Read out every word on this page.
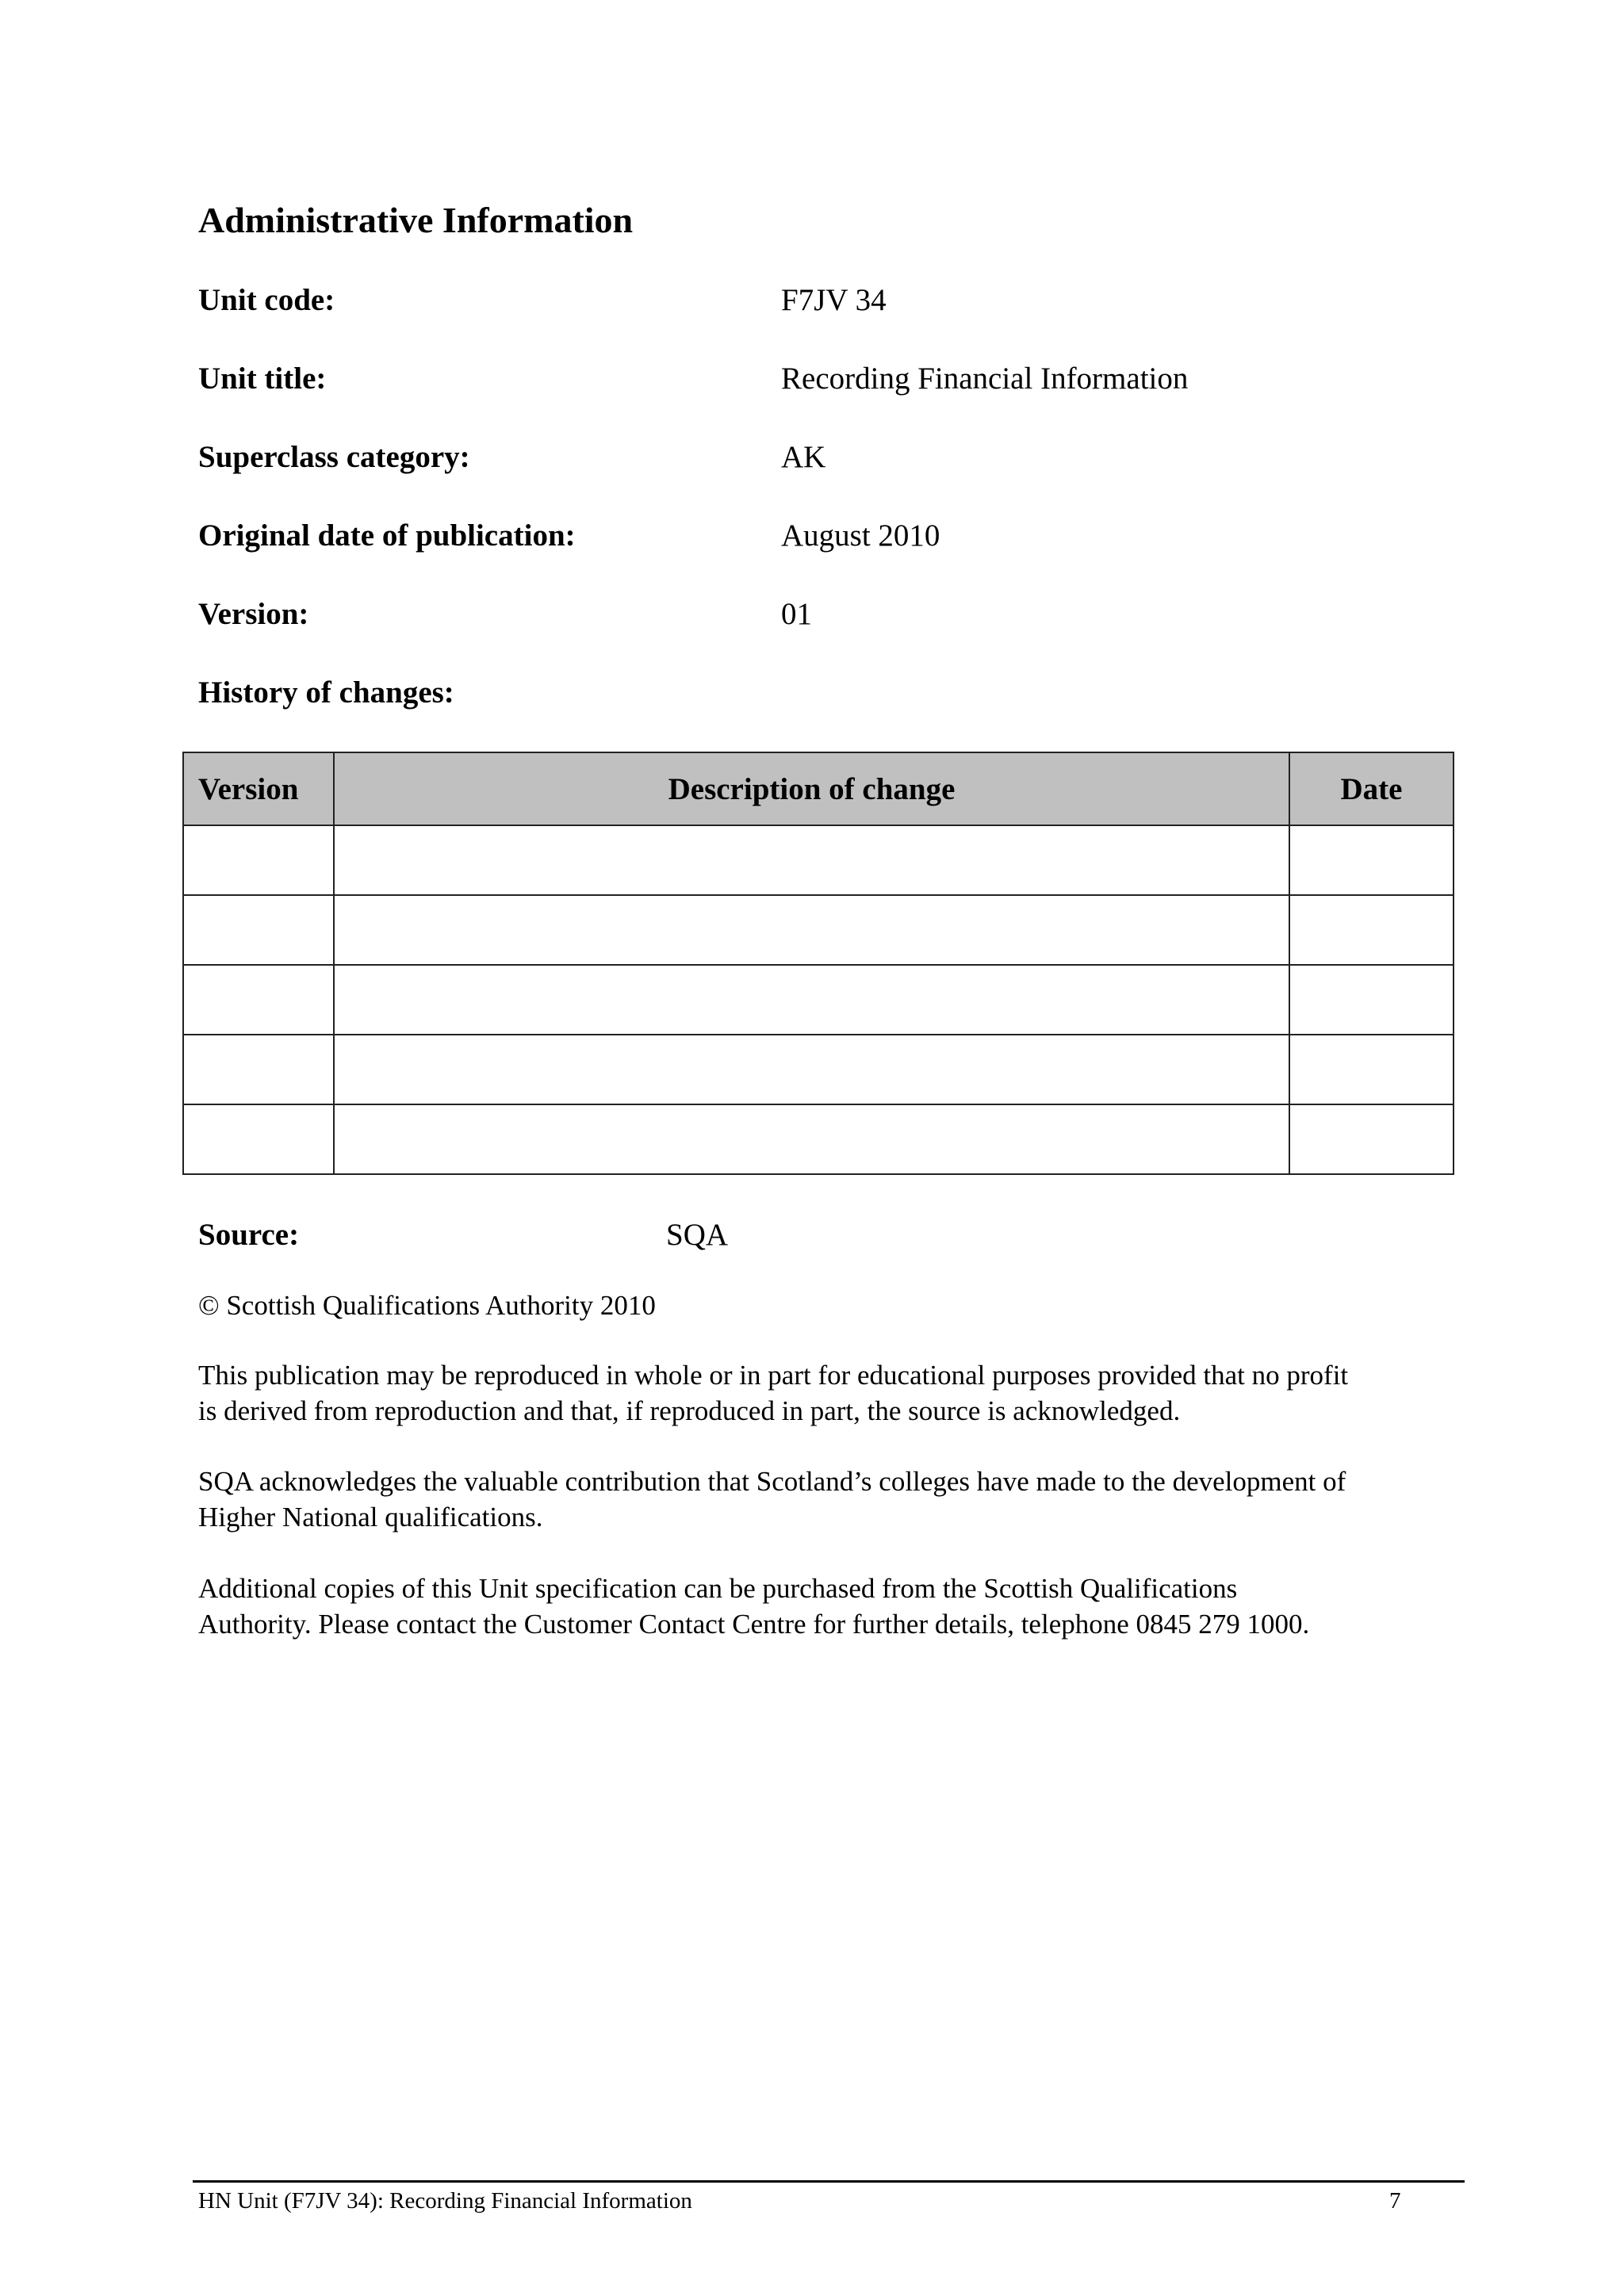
Administrative Information
Unit code:	F7JV 34
Unit title:	Recording Financial Information
Superclass category:	AK
Original date of publication:	August 2010
Version:	01
History of changes:
Version	Description of change	Date

Source:	SQA
© Scottish Qualifications Authority 2010
This publication may be reproduced in whole or in part for educational purposes provided that no profit
is derived from reproduction and that, if reproduced in part, the source is acknowledged.
SQA acknowledges the valuable contribution that Scotland’s colleges have made to the development of
Higher National qualifications.
Additional copies of this Unit specification can be purchased from the Scottish Qualifications
Authority. Please contact the Customer Contact Centre for further details, telephone 0845 279 1000.
HN Unit (F7JV 34): Recording Financial Information	7
